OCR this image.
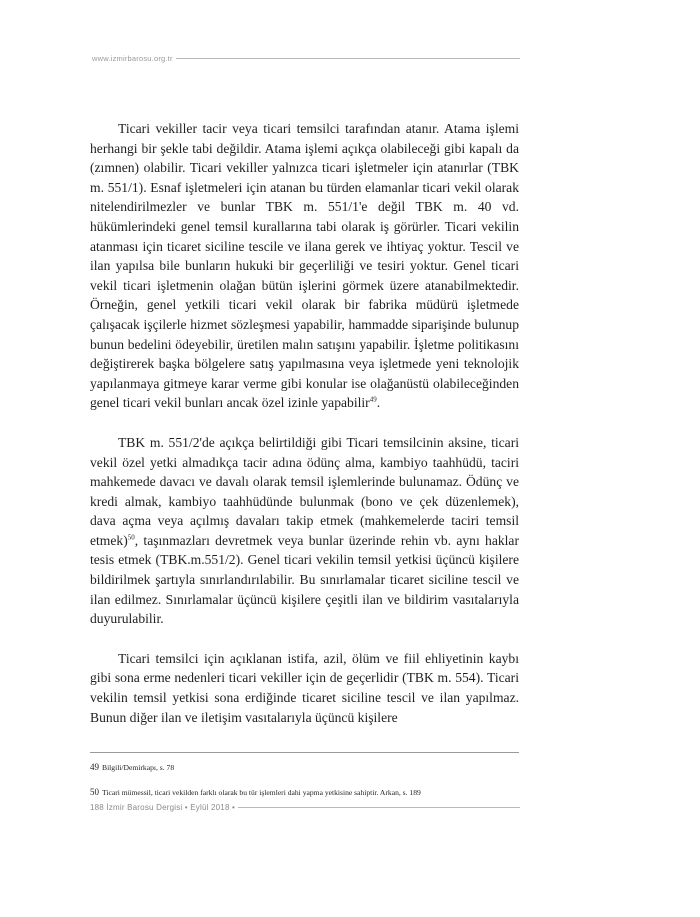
www.izmirbarosu.org.tr

Ticari vekiller tacir veya ticari temsilci tarafından atanır. Atama işlemi herhangi bir şekle tabi değildir. Atama işlemi açıkça olabileceği gibi kapalı da (zımnen) olabilir. Ticari vekiller yalnızca ticari işletmeler için atanırlar (TBK m. 551/1). Esnaf işletmeleri için atanan bu türden elamanlar ticari vekil olarak nitelendirilmezler ve bunlar TBK m. 551/1'e değil TBK m. 40 vd. hükümlerindeki genel temsil kurallarına tabi olarak iş görürler. Ticari vekilin atanması için ticaret siciline tescile ve ilana gerek ve ihtiyaç yoktur. Tescil ve ilan yapılsa bile bunların hukuki bir geçerliliği ve tesiri yoktur. Genel ticari vekil ticari işletmenin olağan bütün işlerini görmek üzere atanabilmektedir. Örneğin, genel yetkili ticari vekil olarak bir fabrika müdürü işletmede çalışacak işçilerle hizmet sözleşmesi yapabilir, hammadde siparişinde bulunup bunun bedelini ödeyebilir, üretilen malın satışını yapabilir. İşletme politikasını değiştirerek başka bölgelere satış yapılmasına veya işletmede yeni teknolojik yapılanmaya gitmeye karar verme gibi konular ise olağanüstü olabileceğinden genel ticari vekil bunları ancak özel izinle yapabilir$^{49}$.

TBK m. 551/2'de açıkça belirtildiği gibi Ticari temsilcinin aksine, ticari vekil özel yetki almadıkça tacir adına ödünç alma, kambiyo taahhüdü, taciri mahkemede davacı ve davalı olarak temsil işlemlerinde bulunamaz. Ödünç ve kredi almak, kambiyo taahhüdünde bulunmak (bono ve çek düzenlemek), dava açma veya açılmış davaları takip etmek (mahkemelerde taciri temsil etmek)$^{50}$, taşınmazları devretmek veya bunlar üzerinde rehin vb. aynı haklar tesis etmek (TBK.m.551/2). Genel ticari vekilin temsil yetkisi üçüncü kişilere bildirilmek şartıyla sınırlandırılabilir. Bu sınırlamalar ticaret siciline tescil ve ilan edilmez. Sınırlamalar üçüncü kişilere çeşitli ilan ve bildirim vasıtalarıyla duyurulabilir.

Ticari temsilci için açıklanan istifa, azil, ölüm ve fiil ehliyetinin kaybı gibi sona erme nedenleri ticari vekiller için de geçerlidir (TBK m. 554). Ticari vekilin temsil yetkisi sona erdiğinde ticaret siciline tescil ve ilan yapılmaz. Bunun diğer ilan ve iletişim vasıtalarıyla üçüncü kişilere

49 Bilgili/Demirkapı, s. 78
50 Ticari mümessil, ticari vekilden farklı olarak bu tür işlemleri dahi yapma yetkisine sahiptir. Arkan, s. 189
188 İzmir Barosu Dergisi • Eylül 2018 •
